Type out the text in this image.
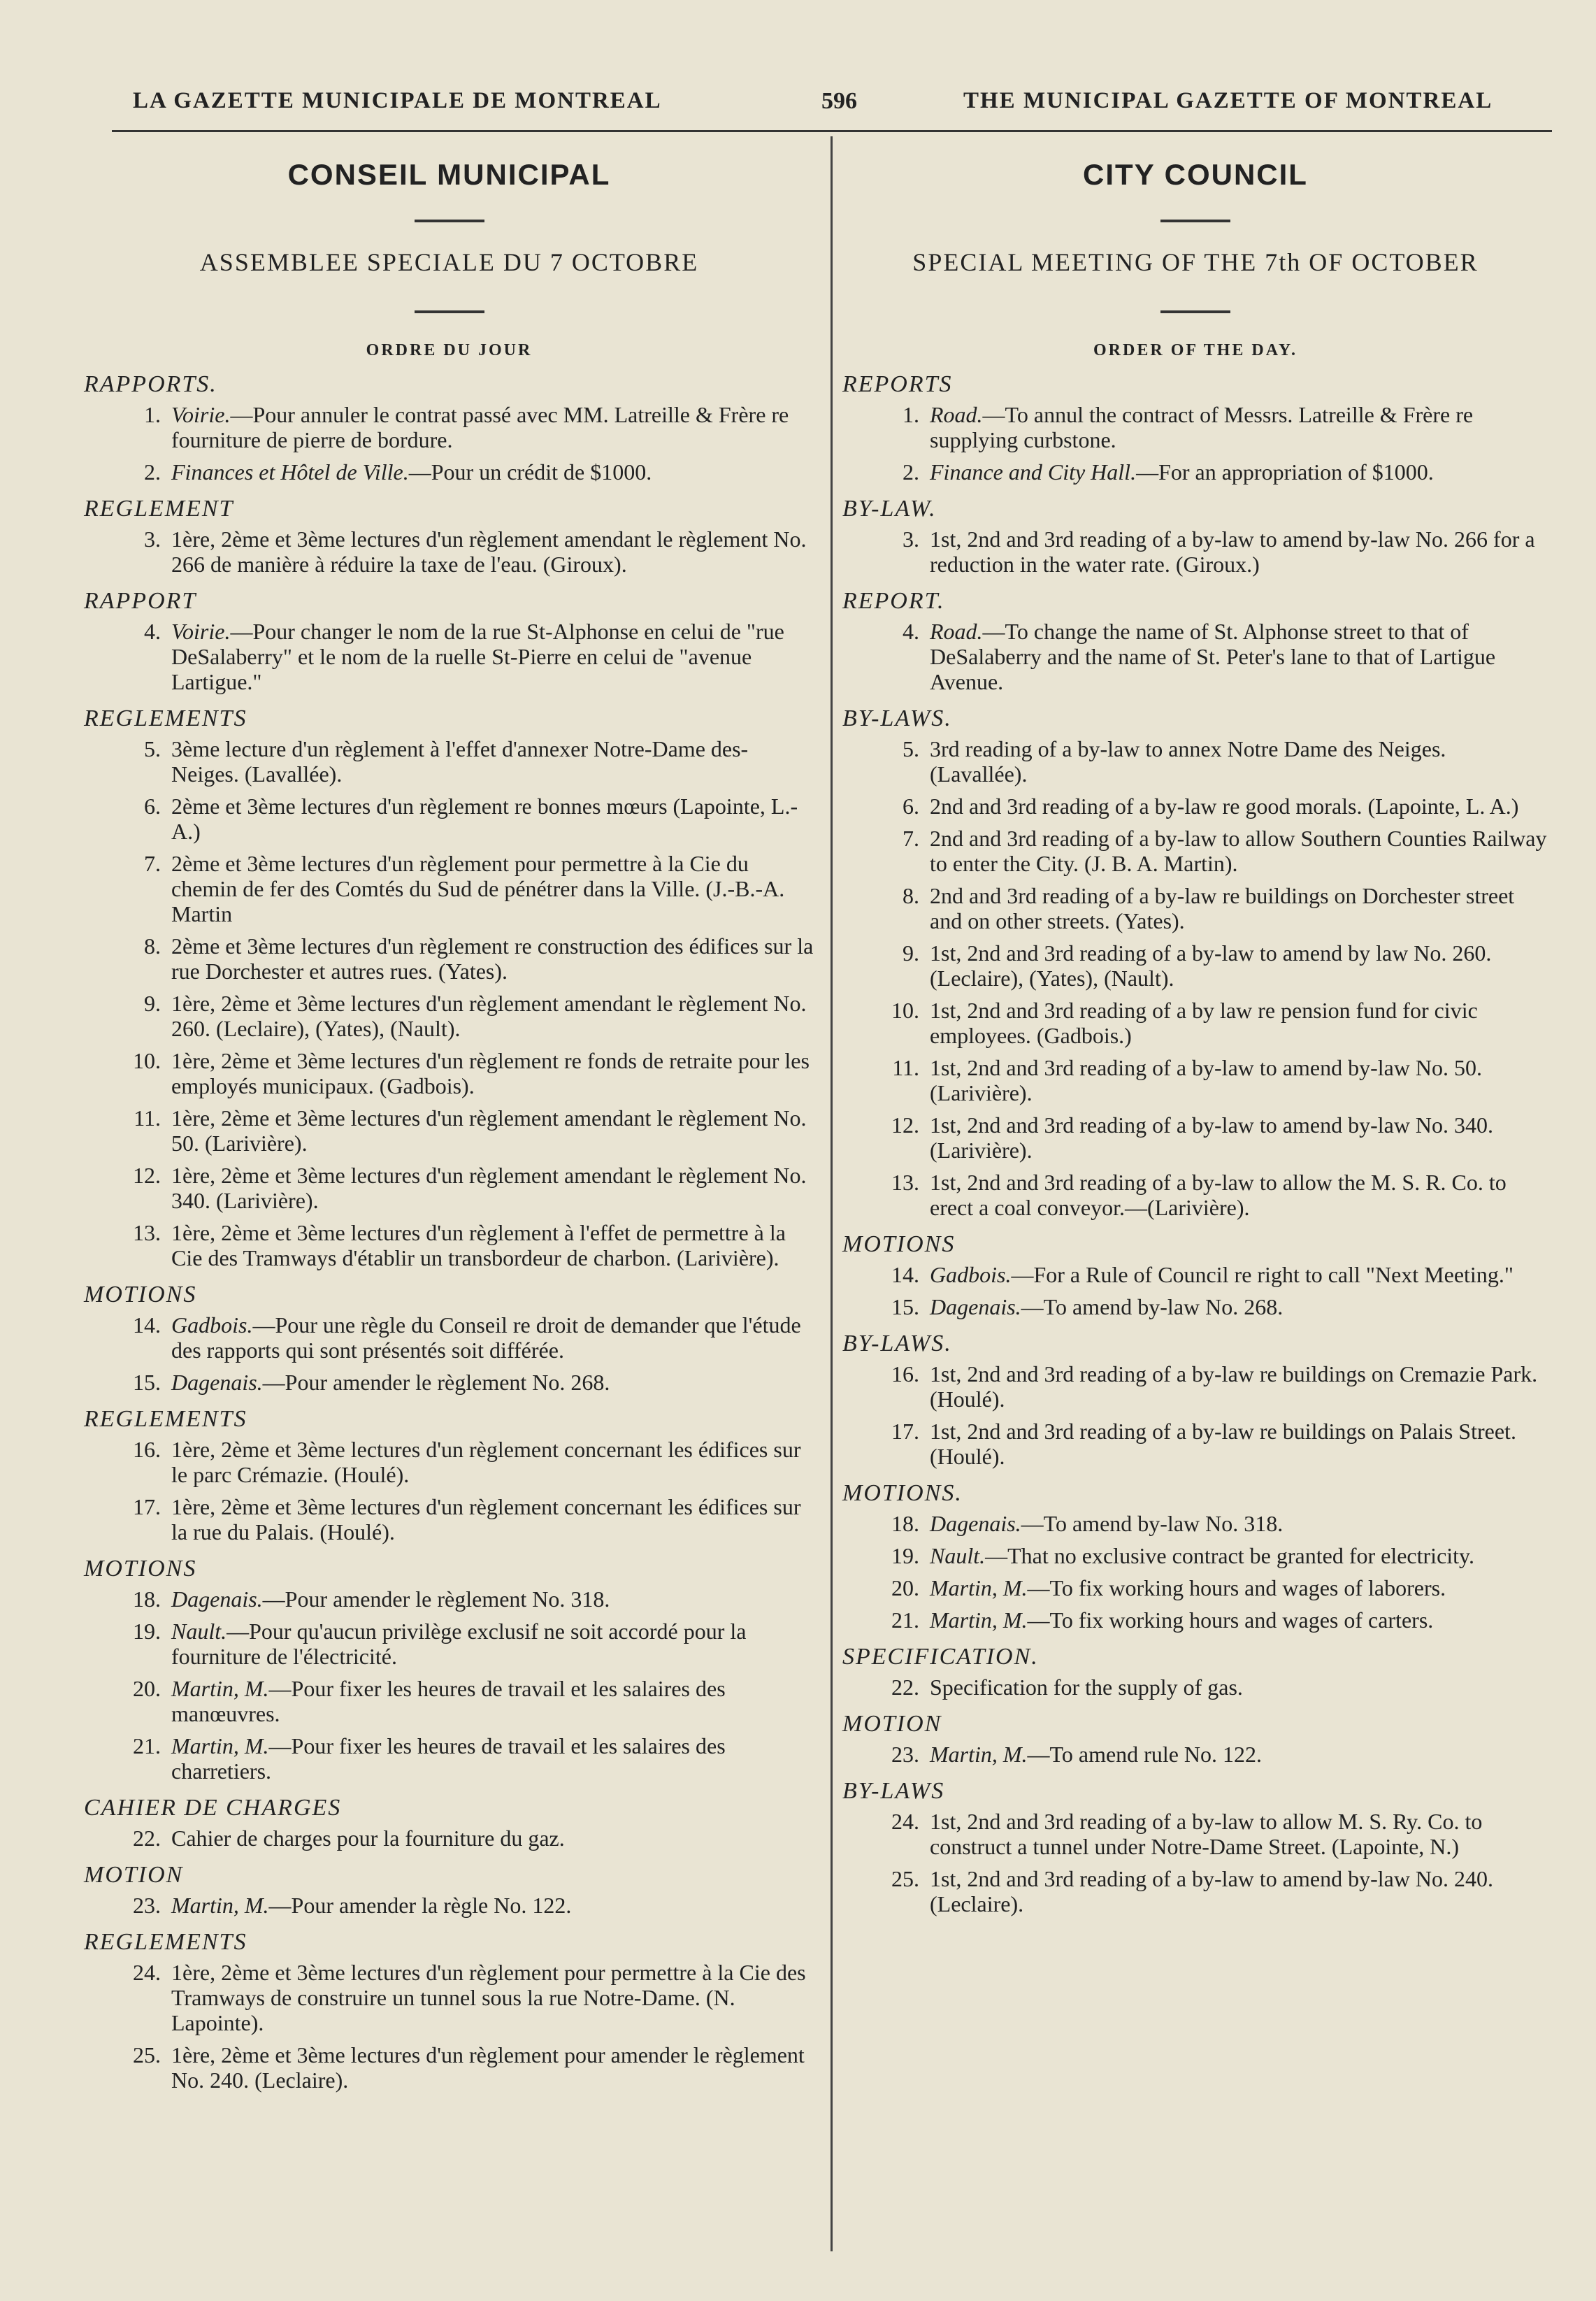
LA GAZETTE MUNICIPALE DE MONTREAL	596	THE MUNICIPAL GAZETTE OF MONTREAL
CONSEIL MUNICIPAL
ASSEMBLEE SPECIALE DU 7 OCTOBRE
ORDRE DU JOUR
RAPPORTS.
1. Voirie.—Pour annuler le contrat passé avec MM. Latreille & Frère re fourniture de pierre de bordure.
2. Finances et Hôtel de Ville.—Pour un crédit de $1000.
REGLEMENT
3. 1ère, 2ème et 3ème lectures d'un règlement amendant le règlement No. 266 de manière à réduire la taxe de l'eau. (Giroux).
RAPPORT
4. Voirie.—Pour changer le nom de la rue St-Alphonse en celui de "rue DeSalaberry" et le nom de la ruelle St-Pierre en celui de "avenue Lartigue."
REGLEMENTS
5. 3ème lecture d'un règlement à l'effet d'annexer Notre-Dame des-Neiges. (Lavallée).
6. 2ème et 3ème lectures d'un règlement re bonnes mœurs (Lapointe, L.-A.)
7. 2ème et 3ème lectures d'un règlement pour permettre à la Cie du chemin de fer des Comtés du Sud de pénétrer dans la Ville. (J.-B.-A. Martin
8. 2ème et 3ème lectures d'un règlement re construction des édifices sur la rue Dorchester et autres rues. (Yates).
9. 1ère, 2ème et 3ème lectures d'un règlement amendant le règlement No. 260. (Leclaire), (Yates), (Nault).
10. 1ère, 2ème et 3ème lectures d'un règlement re fonds de retraite pour les employés municipaux. (Gadbois).
11. 1ère, 2ème et 3ème lectures d'un règlement amendant le règlement No. 50. (Larivière).
12. 1ère, 2ème et 3ème lectures d'un règlement amendant le règlement No. 340. (Larivière).
13. 1ère, 2ème et 3ème lectures d'un règlement à l'effet de permettre à la Cie des Tramways d'établir un transbordeur de charbon. (Larivière).
MOTIONS
14. Gadbois.—Pour une règle du Conseil re droit de demander que l'étude des rapports qui sont présentés soit différée.
15. Dagenais.—Pour amender le règlement No. 268.
REGLEMENTS
16. 1ère, 2ème et 3ème lectures d'un règlement concernant les édifices sur le parc Crémazie. (Houlé).
17. 1ère, 2ème et 3ème lectures d'un règlement concernant les édifices sur la rue du Palais. (Houlé).
MOTIONS
18. Dagenais.—Pour amender le règlement No. 318.
19. Nault.—Pour qu'aucun privilège exclusif ne soit accordé pour la fourniture de l'électricité.
20. Martin, M.—Pour fixer les heures de travail et les salaires des manœuvres.
21. Martin, M.—Pour fixer les heures de travail et les salaires des charretiers.
CAHIER DE CHARGES
22. Cahier de charges pour la fourniture du gaz.
MOTION
23. Martin, M.—Pour amender la règle No. 122.
REGLEMENTS
24. 1ère, 2ème et 3ème lectures d'un règlement pour permettre à la Cie des Tramways de construire un tunnel sous la rue Notre-Dame. (N. Lapointe).
25. 1ère, 2ème et 3ème lectures d'un règlement pour amender le règlement No. 240. (Leclaire).
CITY COUNCIL
SPECIAL MEETING OF THE 7th OF OCTOBER
ORDER OF THE DAY.
REPORTS
1. Road.—To annul the contract of Messrs. Latreille & Frère re supplying curbstone.
2. Finance and City Hall.—For an appropriation of $1000.
BY-LAW.
3. 1st, 2nd and 3rd reading of a by-law to amend by-law No. 266 for a reduction in the water rate. (Giroux.)
REPORT.
4. Road.—To change the name of St. Alphonse street to that of DeSalaberry and the name of St. Peter's lane to that of Lartigue Avenue.
BY-LAWS.
5. 3rd reading of a by-law to annex Notre Dame des Neiges. (Lavallée).
6. 2nd and 3rd reading of a by-law re good morals. (Lapointe, L. A.)
7. 2nd and 3rd reading of a by-law to allow Southern Counties Railway to enter the City. (J. B. A. Martin).
8. 2nd and 3rd reading of a by-law re buildings on Dorchester street and on other streets. (Yates).
9. 1st, 2nd and 3rd reading of a by-law to amend by law No. 260. (Leclaire), (Yates), (Nault).
10. 1st, 2nd and 3rd reading of a by law re pension fund for civic employees. (Gadbois.)
11. 1st, 2nd and 3rd reading of a by-law to amend by-law No. 50. (Larivière).
12. 1st, 2nd and 3rd reading of a by-law to amend by-law No. 340. (Larivière).
13. 1st, 2nd and 3rd reading of a by-law to allow the M. S. R. Co. to erect a coal conveyor.—(Larivière).
MOTIONS
14. Gadbois.—For a Rule of Council re right to call "Next Meeting."
15. Dagenais.—To amend by-law No. 268.
BY-LAWS.
16. 1st, 2nd and 3rd reading of a by-law re buildings on Cremazie Park. (Houlé).
17. 1st, 2nd and 3rd reading of a by-law re buildings on Palais Street. (Houlé).
MOTIONS.
18. Dagenais.—To amend by-law No. 318.
19. Nault.—That no exclusive contract be granted for electricity.
20. Martin, M.—To fix working hours and wages of laborers.
21. Martin, M.—To fix working hours and wages of carters.
SPECIFICATION.
22. Specification for the supply of gas.
MOTION
23. Martin, M.—To amend rule No. 122.
BY-LAWS
24. 1st, 2nd and 3rd reading of a by-law to allow M. S. Ry. Co. to construct a tunnel under Notre-Dame Street. (Lapointe, N.)
25. 1st, 2nd and 3rd reading of a by-law to amend by-law No. 240. (Leclaire).
